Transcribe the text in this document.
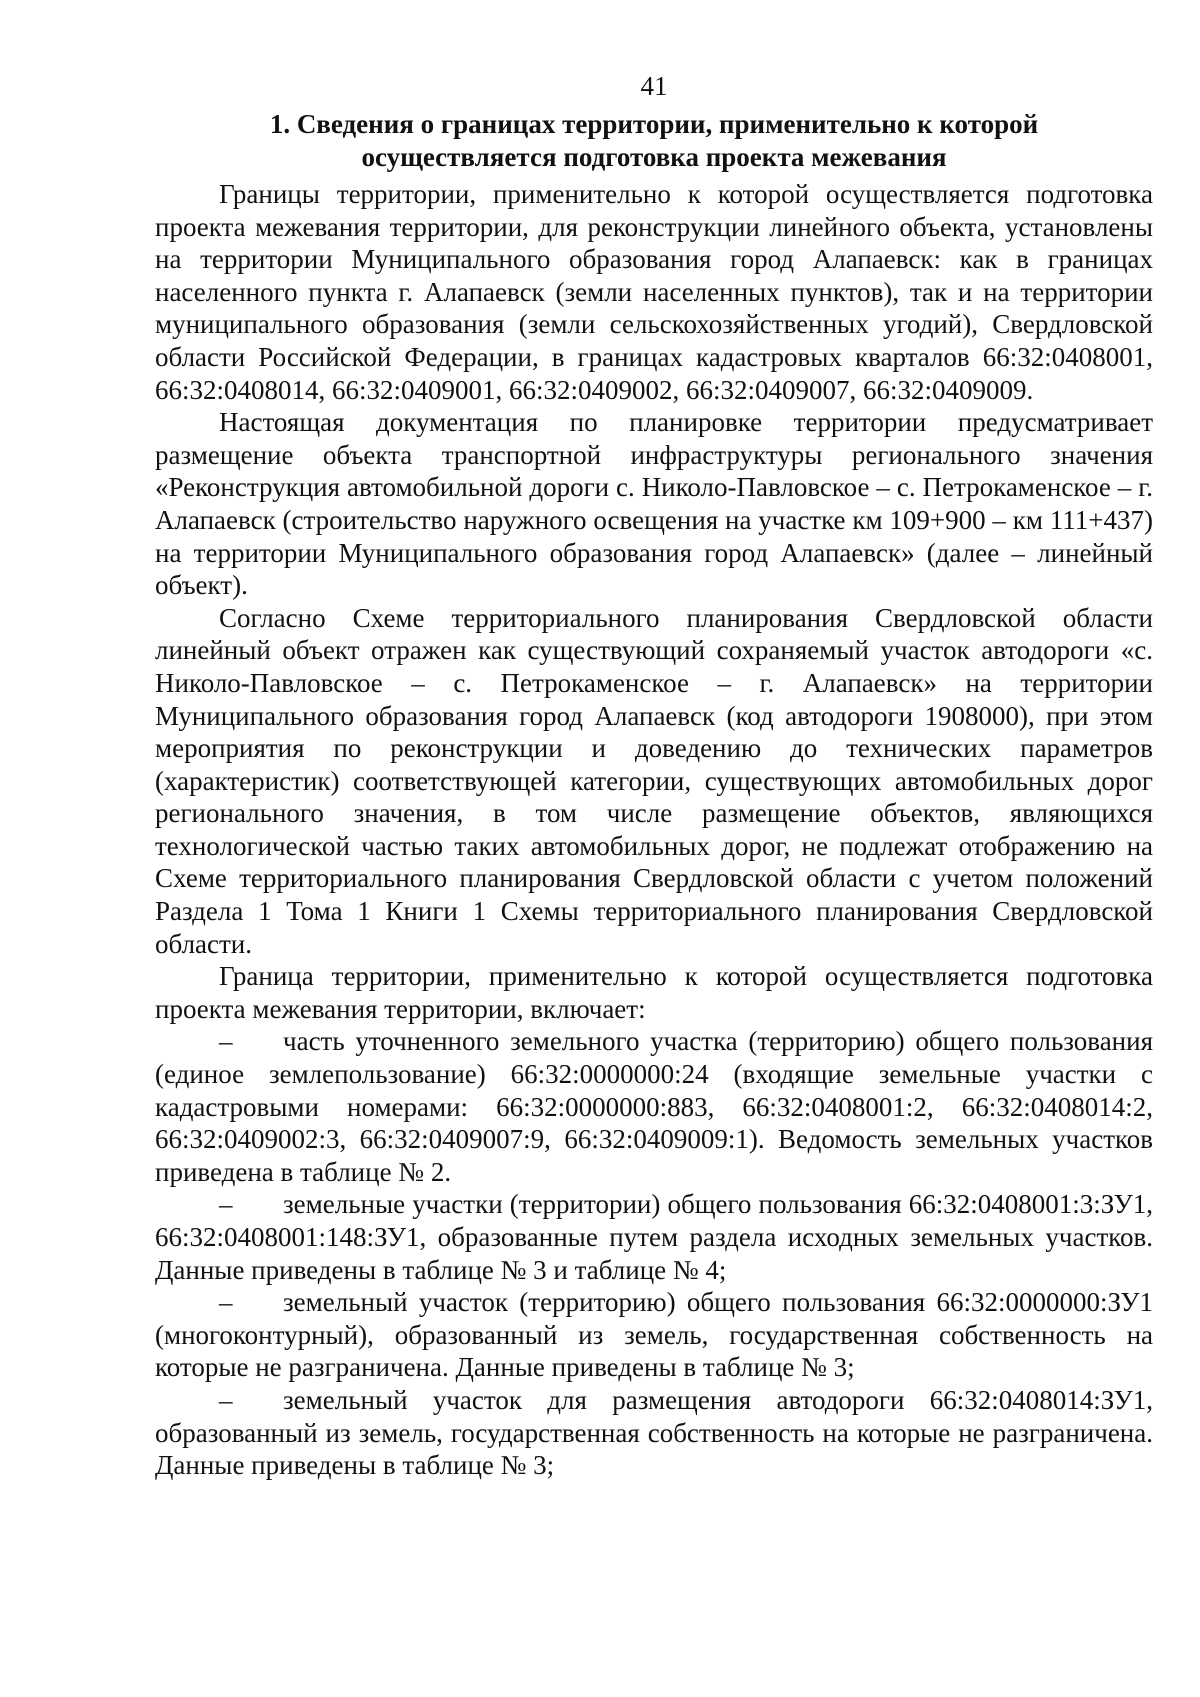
41
1. Сведения о границах территории, применительно к которой
осуществляется подготовка проекта межевания

Границы территории, применительно к которой осуществляется подготовка проекта межевания территории, для реконструкции линейного объекта, установлены на территории Муниципального образования город Алапаевск: как в границах населенного пункта г. Алапаевск (земли населенных пунктов), так и на территории муниципального образования (земли сельскохозяйственных угодий), Свердловской области Российской Федерации, в границах кадастровых кварталов 66:32:0408001, 66:32:0408014, 66:32:0409001, 66:32:0409002, 66:32:0409007, 66:32:0409009.

Настоящая документация по планировке территории предусматривает размещение объекта транспортной инфраструктуры регионального значения «Реконструкция автомобильной дороги с. Николо-Павловское – с. Петрокаменское – г. Алапаевск (строительство наружного освещения на участке км 109+900 – км 111+437) на территории Муниципального образования город Алапаевск» (далее – линейный объект).

Согласно Схеме территориального планирования Свердловской области линейный объект отражен как существующий сохраняемый участок автодороги «с. Николо-Павловское – с. Петрокаменское – г. Алапаевск» на территории Муниципального образования город Алапаевск (код автодороги 1908000), при этом мероприятия по реконструкции и доведению до технических параметров (характеристик) соответствующей категории, существующих автомобильных дорог регионального значения, в том числе размещение объектов, являющихся технологической частью таких автомобильных дорог, не подлежат отображению на Схеме территориального планирования Свердловской области с учетом положений Раздела 1 Тома 1 Книги 1 Схемы территориального планирования Свердловской области.

Граница территории, применительно к которой осуществляется подготовка проекта межевания территории, включает:

– часть уточненного земельного участка (территорию) общего пользования (единое землепользование) 66:32:0000000:24 (входящие земельные участки с кадастровыми номерами: 66:32:0000000:883, 66:32:0408001:2, 66:32:0408014:2, 66:32:0409002:3, 66:32:0409007:9, 66:32:0409009:1). Ведомость земельных участков приведена в таблице № 2.

– земельные участки (территории) общего пользования 66:32:0408001:3:ЗУ1, 66:32:0408001:148:ЗУ1, образованные путем раздела исходных земельных участков. Данные приведены в таблице № 3 и таблице № 4;

– земельный участок (территорию) общего пользования 66:32:0000000:ЗУ1 (многоконтурный), образованный из земель, государственная собственность на которые не разграничена. Данные приведены в таблице № 3;

– земельный участок для размещения автодороги 66:32:0408014:ЗУ1, образованный из земель, государственная собственность на которые не разграничена. Данные приведены в таблице № 3;
